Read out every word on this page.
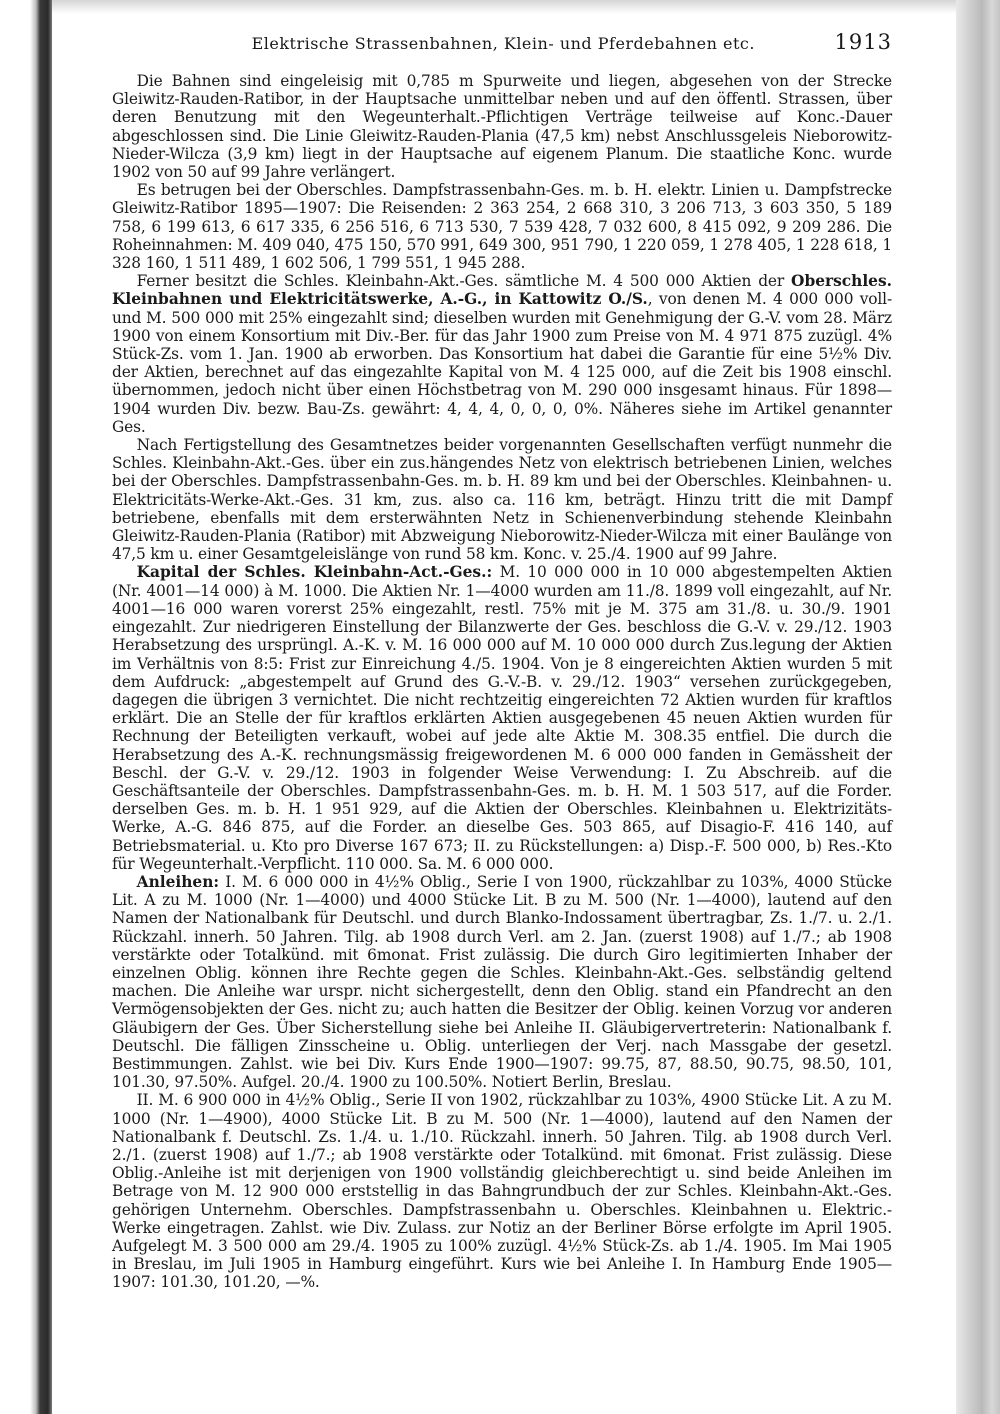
Elektrische Strassenbahnen, Klein- und Pferdebahnen etc.	1913

Die Bahnen sind eingeleisig mit 0,785 m Spurweite und liegen, abgesehen von der Strecke Gleiwitz-Rauden-Ratibor, in der Hauptsache unmittelbar neben und auf den öffentl. Strassen, über deren Benutzung mit den Wegeunterhalt.-Pflichtigen Verträge teilweise auf Konc.-Dauer abgeschlossen sind. Die Linie Gleiwitz-Rauden-Plania (47,5 km) nebst Anschlussgeleis Nieborowitz-Nieder-Wilcza (3,9 km) liegt in der Hauptsache auf eigenem Planum. Die staatliche Konc. wurde 1902 von 50 auf 99 Jahre verlängert.

Es betrugen bei der Oberschles. Dampfstrassenbahn-Ges. m. b. H. elektr. Linien u. Dampfstrecke Gleiwitz-Ratibor 1895—1907: Die Reisenden: 2 363 254, 2 668 310, 3 206 713, 3 603 350, 5 189 758, 6 199 613, 6 617 335, 6 256 516, 6 713 530, 7 539 428, 7 032 600, 8 415 092, 9 209 286. Die Roheinnahmen: M. 409 040, 475 150, 570 991, 649 300, 951 790, 1 220 059, 1 278 405, 1 228 618, 1 328 160, 1 511 489, 1 602 506, 1 799 551, 1 945 288.

Ferner besitzt die Schles. Kleinbahn-Akt.-Ges. sämtliche M. 4 500 000 Aktien der Oberschles. Kleinbahnen und Elektricitätswerke, A.-G., in Kattowitz O./S., von denen M. 4 000 000 voll- und M. 500 000 mit 25% eingezahlt sind; dieselben wurden mit Genehmigung der G.-V. vom 28. März 1900 von einem Konsortium mit Div.-Ber. für das Jahr 1900 zum Preise von M. 4 971 875 zuzügl. 4% Stück-Zs. vom 1. Jan. 1900 ab erworben. Das Konsortium hat dabei die Garantie für eine 5½% Div. der Aktien, berechnet auf das eingezahlte Kapital von M. 4 125 000, auf die Zeit bis 1908 einschl. übernommen, jedoch nicht über einen Höchstbetrag von M. 290 000 insgesamt hinaus. Für 1898—1904 wurden Div. bezw. Bau-Zs. gewährt: 4, 4, 4, 0, 0, 0, 0%. Näheres siehe im Artikel genannter Ges.

Nach Fertigstellung des Gesamtnetzes beider vorgenannten Gesellschaften verfügt nunmehr die Schles. Kleinbahn-Akt.-Ges. über ein zus.hängendes Netz von elektrisch betriebenen Linien, welches bei der Oberschles. Dampfstrassenbahn-Ges. m. b. H. 89 km und bei der Oberschles. Kleinbahnen- u. Elektricitäts-Werke-Akt.-Ges. 31 km, zus. also ca. 116 km, beträgt. Hinzu tritt die mit Dampf betriebene, ebenfalls mit dem ersterwähnten Netz in Schienenverbindung stehende Kleinbahn Gleiwitz-Rauden-Plania (Ratibor) mit Abzweigung Nieborowitz-Nieder-Wilcza mit einer Baulänge von 47,5 km u. einer Gesamtgeleislänge von rund 58 km. Konc. v. 25./4. 1900 auf 99 Jahre.

Kapital der Schles. Kleinbahn-Act.-Ges.: M. 10 000 000 in 10 000 abgestempelten Aktien (Nr. 4001—14 000) à M. 1000. Die Aktien Nr. 1—4000 wurden am 11./8. 1899 voll eingezahlt, auf Nr. 4001—16 000 waren vorerst 25% eingezahlt, restl. 75% mit je M. 375 am 31./8. u. 30./9. 1901 eingezahlt. Zur niedrigeren Einstellung der Bilanzwerte der Ges. beschloss die G.-V. v. 29./12. 1903 Herabsetzung des ursprüngl. A.-K. v. M. 16 000 000 auf M. 10 000 000 durch Zus.legung der Aktien im Verhältnis von 8:5: Frist zur Einreichung 4./5. 1904. Von je 8 eingereichten Aktien wurden 5 mit dem Aufdruck: „abgestempelt auf Grund des G.-V.-B. v. 29./12. 1903“ versehen zurückgegeben, dagegen die übrigen 3 vernichtet. Die nicht rechtzeitig eingereichten 72 Aktien wurden für kraftlos erklärt. Die an Stelle der für kraftlos erklärten Aktien ausgegebenen 45 neuen Aktien wurden für Rechnung der Beteiligten verkauft, wobei auf jede alte Aktie M. 308.35 entfiel. Die durch die Herabsetzung des A.-K. rechnungsmässig freigewordenen M. 6 000 000 fanden in Gemässheit der Beschl. der G.-V. v. 29./12. 1903 in folgender Weise Verwendung: I. Zu Abschreib. auf die Geschäftsanteile der Oberschles. Dampfstrassenbahn-Ges. m. b. H. M. 1 503 517, auf die Forder. derselben Ges. m. b. H. 1 951 929, auf die Aktien der Oberschles. Kleinbahnen u. Elektrizitäts-Werke, A.-G. 846 875, auf die Forder. an dieselbe Ges. 503 865, auf Disagio-F. 416 140, auf Betriebsmaterial. u. Kto pro Diverse 167 673; II. zu Rückstellungen: a) Disp.-F. 500 000, b) Res.-Kto für Wegeunterhalt.-Verpflicht. 110 000. Sa. M. 6 000 000.

Anleihen: I. M. 6 000 000 in 4½% Oblig., Serie I von 1900, rückzahlbar zu 103%, 4000 Stücke Lit. A zu M. 1000 (Nr. 1—4000) und 4000 Stücke Lit. B zu M. 500 (Nr. 1—4000), lautend auf den Namen der Nationalbank für Deutschl. und durch Blanko-Indossament übertragbar, Zs. 1./7. u. 2./1. Rückzahl. innerh. 50 Jahren. Tilg. ab 1908 durch Verl. am 2. Jan. (zuerst 1908) auf 1./7.; ab 1908 verstärkte oder Totalkünd. mit 6monat. Frist zulässig. Die durch Giro legitimierten Inhaber der einzelnen Oblig. können ihre Rechte gegen die Schles. Kleinbahn-Akt.-Ges. selbständig geltend machen. Die Anleihe war urspr. nicht sichergestellt, denn den Oblig. stand ein Pfandrecht an den Vermögensobjekten der Ges. nicht zu; auch hatten die Besitzer der Oblig. keinen Vorzug vor anderen Gläubigern der Ges. Über Sicherstellung siehe bei Anleihe II. Gläubigervertreterin: Nationalbank f. Deutschl. Die fälligen Zinsscheine u. Oblig. unterliegen der Verj. nach Massgabe der gesetzl. Bestimmungen. Zahlst. wie bei Div. Kurs Ende 1900—1907: 99.75, 87, 88.50, 90.75, 98.50, 101, 101.30, 97.50%. Aufgel. 20./4. 1900 zu 100.50%. Notiert Berlin, Breslau.

II. M. 6 900 000 in 4½% Oblig., Serie II von 1902, rückzahlbar zu 103%, 4900 Stücke Lit. A zu M. 1000 (Nr. 1—4900), 4000 Stücke Lit. B zu M. 500 (Nr. 1—4000), lautend auf den Namen der Nationalbank f. Deutschl. Zs. 1./4. u. 1./10. Rückzahl. innerh. 50 Jahren. Tilg. ab 1908 durch Verl. 2./1. (zuerst 1908) auf 1./7.; ab 1908 verstärkte oder Totalkünd. mit 6monat. Frist zulässig. Diese Oblig.-Anleihe ist mit derjenigen von 1900 vollständig gleichberechtigt u. sind beide Anleihen im Betrage von M. 12 900 000 erststellig in das Bahngrundbuch der zur Schles. Kleinbahn-Akt.-Ges. gehörigen Unternehm. Oberschles. Dampfstrassenbahn u. Oberschles. Kleinbahnen u. Elektric.-Werke eingetragen. Zahlst. wie Div. Zulass. zur Notiz an der Berliner Börse erfolgte im April 1905. Aufgelegt M. 3 500 000 am 29./4. 1905 zu 100% zuzügl. 4½% Stück-Zs. ab 1./4. 1905. Im Mai 1905 in Breslau, im Juli 1905 in Hamburg eingeführt. Kurs wie bei Anleihe I. In Hamburg Ende 1905—1907: 101.30, 101.20, —%.
